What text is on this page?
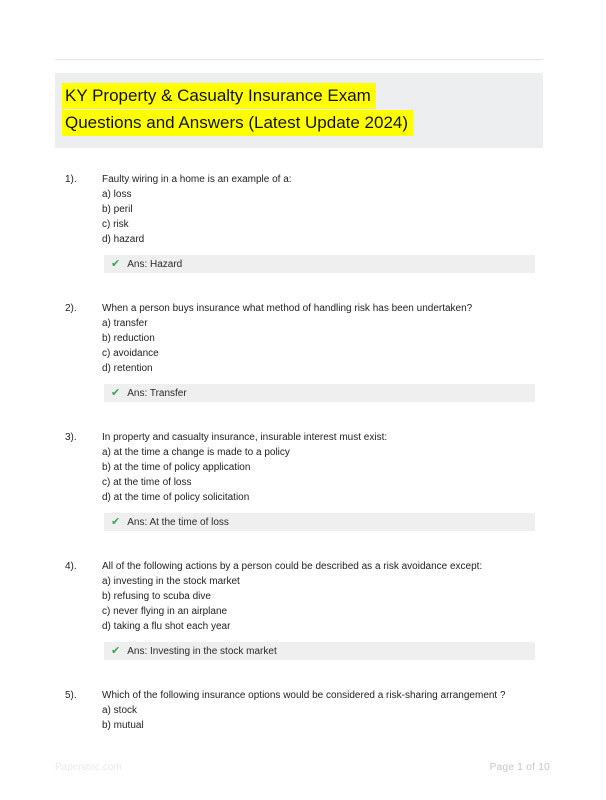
KY Property & Casualty Insurance Exam
Questions and Answers (Latest Update 2024)
1).	Faulty wiring in a home is an example of a:
a) loss
b) peril
c) risk
d) hazard
✔ Ans: Hazard
2).	When a person buys insurance what method of handling risk has been undertaken?
a) transfer
b) reduction
c) avoidance
d) retention
✔ Ans: Transfer
3).	In property and casualty insurance, insurable interest must exist:
a) at the time a change is made to a policy
b) at the time of policy application
c) at the time of loss
d) at the time of policy solicitation
✔ Ans: At the time of loss
4).	All of the following actions by a person could be described as a risk avoidance except:
a) investing in the stock market
b) refusing to scuba dive
c) never flying in an airplane
d) taking a flu shot each year
✔ Ans: Investing in the stock market
5).	Which of the following insurance options would be considered a risk-sharing arrangement ?
a) stock
b) mutual
Paperstoc.com	Page 1 of 10
